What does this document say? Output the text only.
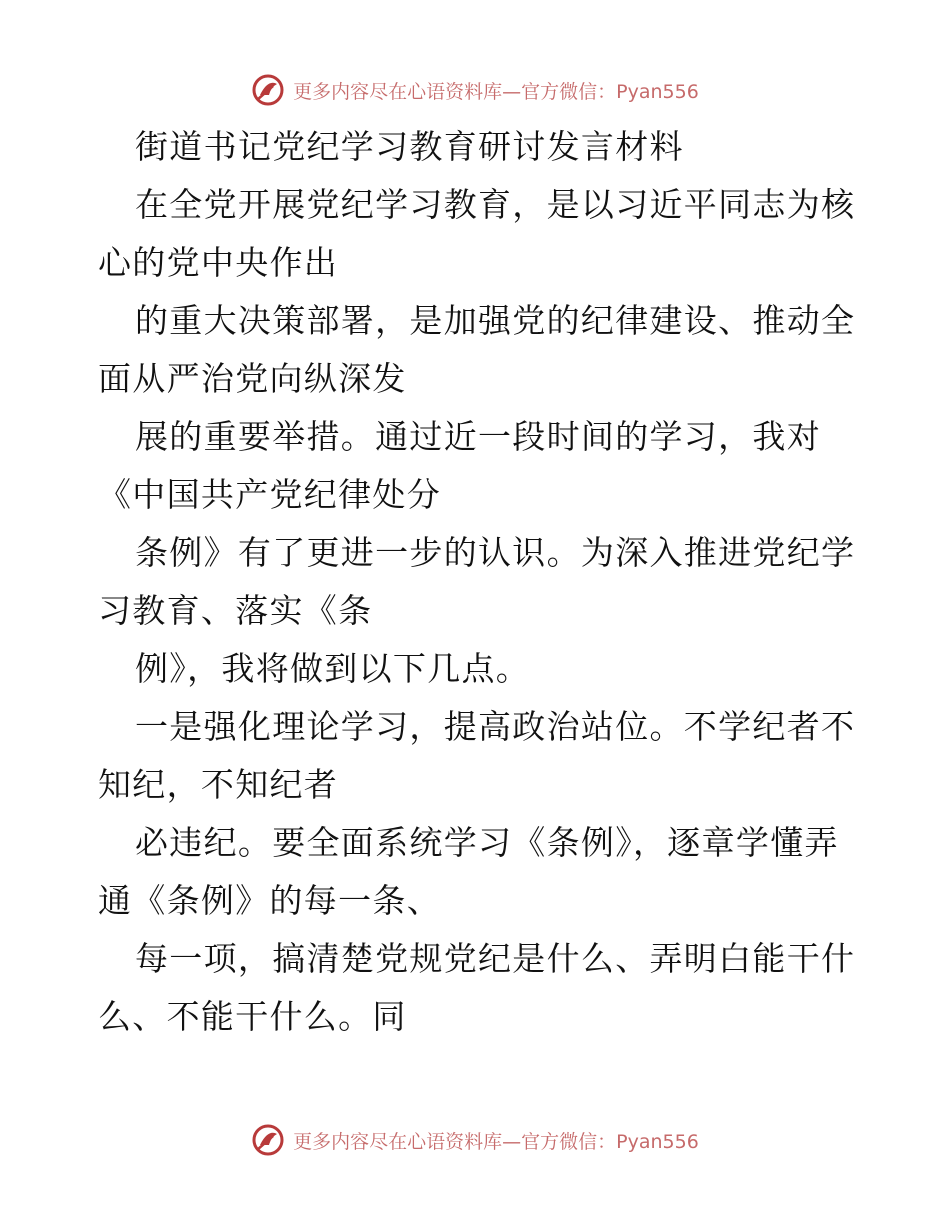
更多内容尽在心语资料库—官方微信：Pyan556
街道书记党纪学习教育研讨发言材料
在全党开展党纪学习教育，是以习近平同志为核
心的党中央作出
的重大决策部署，是加强党的纪律建设、推动全
面从严治党向纵深发
展的重要举措。通过近一段时间的学习，我对
《中国共产党纪律处分
条例》有了更进一步的认识。为深入推进党纪学
习教育、落实《条
例》，我将做到以下几点。
一是强化理论学习，提高政治站位。不学纪者不
知纪，不知纪者
必违纪。要全面系统学习《条例》，逐章学懂弄
通《条例》的每一条、
每一项，搞清楚党规党纪是什么、弄明白能干什
么、不能干什么。同
更多内容尽在心语资料库—官方微信：Pyan556
